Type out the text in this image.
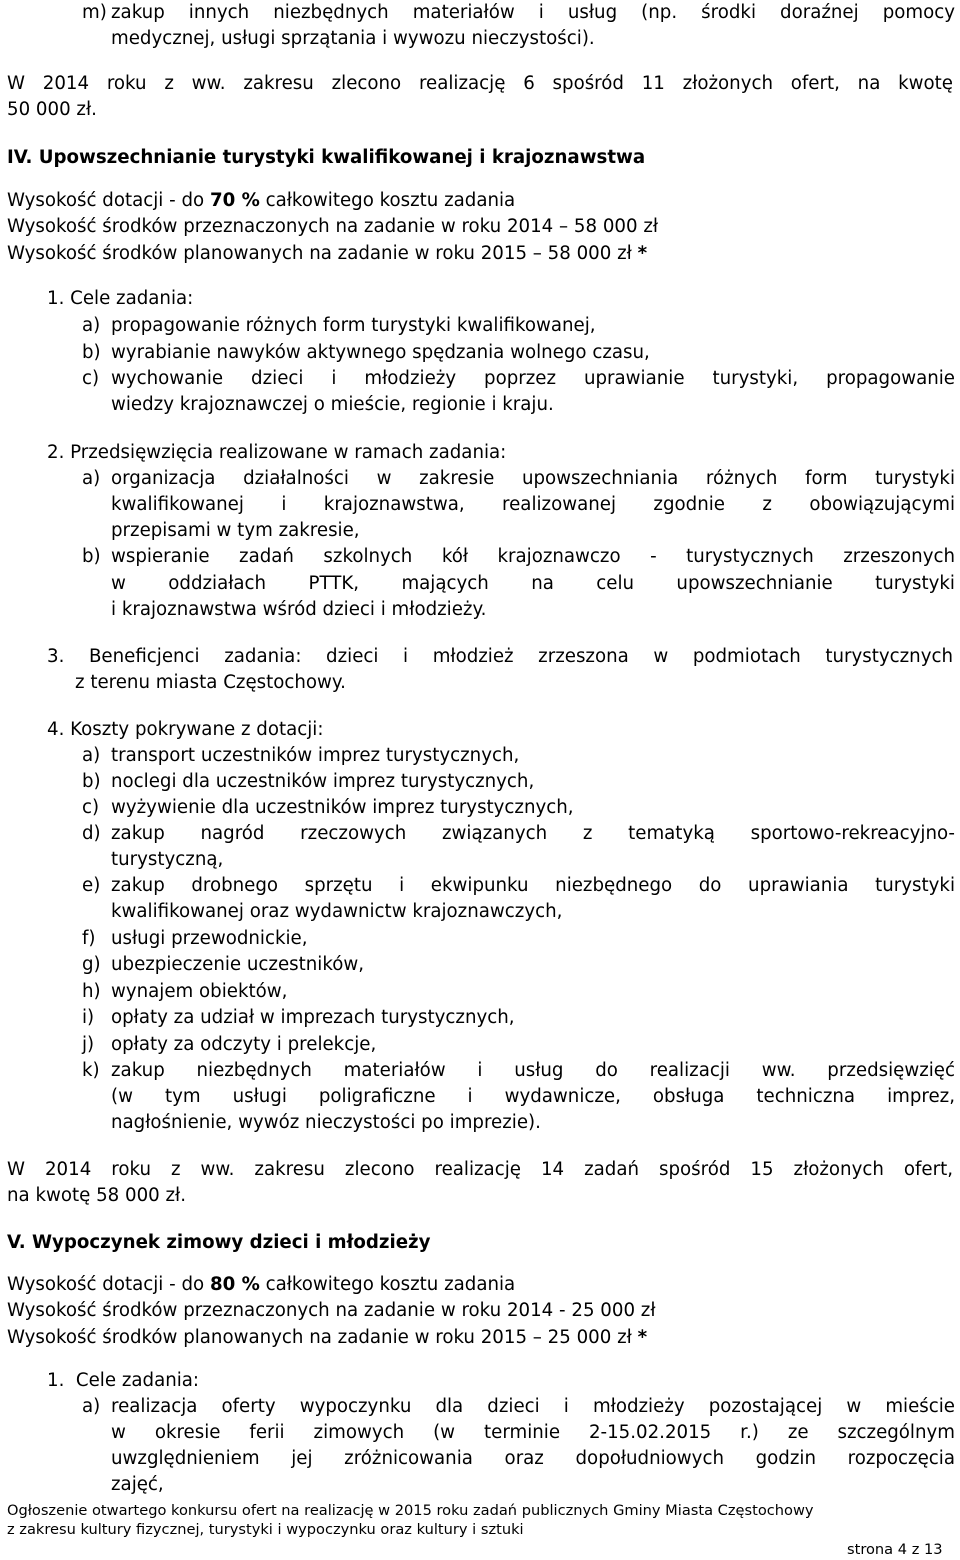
m) zakup innych niezbędnych materiałów i usług (np. środki doraźnej pomocy
medycznej, usługi sprzątania i wywozu nieczystości).
W 2014 roku z ww. zakresu zlecono realizację 6 spośród 11 złożonych ofert, na kwotę
50 000 zł.
IV. Upowszechnianie turystyki kwalifikowanej i krajoznawstwa
Wysokość dotacji - do 70 % całkowitego kosztu zadania
Wysokość środków przeznaczonych na zadanie w roku 2014 – 58 000 zł
Wysokość środków planowanych na zadanie w roku 2015 – 58 000 zł *
1. Cele zadania:
a) propagowanie różnych form turystyki kwalifikowanej,
b) wyrabianie nawyków aktywnego spędzania wolnego czasu,
c) wychowanie dzieci i młodzieży poprzez uprawianie turystyki, propagowanie
wiedzy krajoznawczej o mieście, regionie i kraju.
2. Przedsięwzięcia realizowane w ramach zadania:
a) organizacja działalności w zakresie upowszechniania różnych form turystyki
kwalifikowanej i krajoznawstwa, realizowanej zgodnie z obowiązującymi
przepisami w tym zakresie,
b) wspieranie zadań szkolnych kół krajoznawczo - turystycznych zrzeszonych
w oddziałach PTTK, mających na celu upowszechnianie turystyki
i krajoznawstwa wśród dzieci i młodzieży.
3. Beneficjenci zadania: dzieci i młodzież zrzeszona w podmiotach turystycznych
z terenu miasta Częstochowy.
4. Koszty pokrywane z dotacji:
a) transport uczestników imprez turystycznych,
b) noclegi dla uczestników imprez turystycznych,
c) wyżywienie dla uczestników imprez turystycznych,
d) zakup nagród rzeczowych związanych z tematyką sportowo-rekreacyjno-
turystyczną,
e) zakup drobnego sprzętu i ekwipunku niezbędnego do uprawiania turystyki
kwalifikowanej oraz wydawnictw krajoznawczych,
f) usługi przewodnickie,
g) ubezpieczenie uczestników,
h) wynajem obiektów,
i) opłaty za udział w imprezach turystycznych,
j) opłaty za odczyty i prelekcje,
k) zakup niezbędnych materiałów i usług do realizacji ww. przedsięwzięć
(w tym usługi poligraficzne i wydawnicze, obsługa techniczna imprez,
nagłośnienie, wywóz nieczystości po imprezie).
W 2014 roku z ww. zakresu zlecono realizację 14 zadań spośród 15 złożonych ofert,
na kwotę 58 000 zł.
V. Wypoczynek zimowy dzieci i młodzieży
Wysokość dotacji - do 80 % całkowitego kosztu zadania
Wysokość środków przeznaczonych na zadanie w roku 2014 - 25 000 zł
Wysokość środków planowanych na zadanie w roku 2015 – 25 000 zł *
1.  Cele zadania:
a) realizacja oferty wypoczynku dla dzieci i młodzieży pozostającej w mieście
w okresie ferii zimowych (w terminie 2-15.02.2015 r.) ze szczególnym
uwzględnieniem jej zróżnicowania oraz dopołudniowych godzin rozpoczęcia
zajęć,
Ogłoszenie otwartego konkursu ofert na realizację w 2015 roku zadań publicznych Gminy Miasta Częstochowy
z zakresu kultury fizycznej, turystyki i wypoczynku oraz kultury i sztuki
strona 4 z 13
